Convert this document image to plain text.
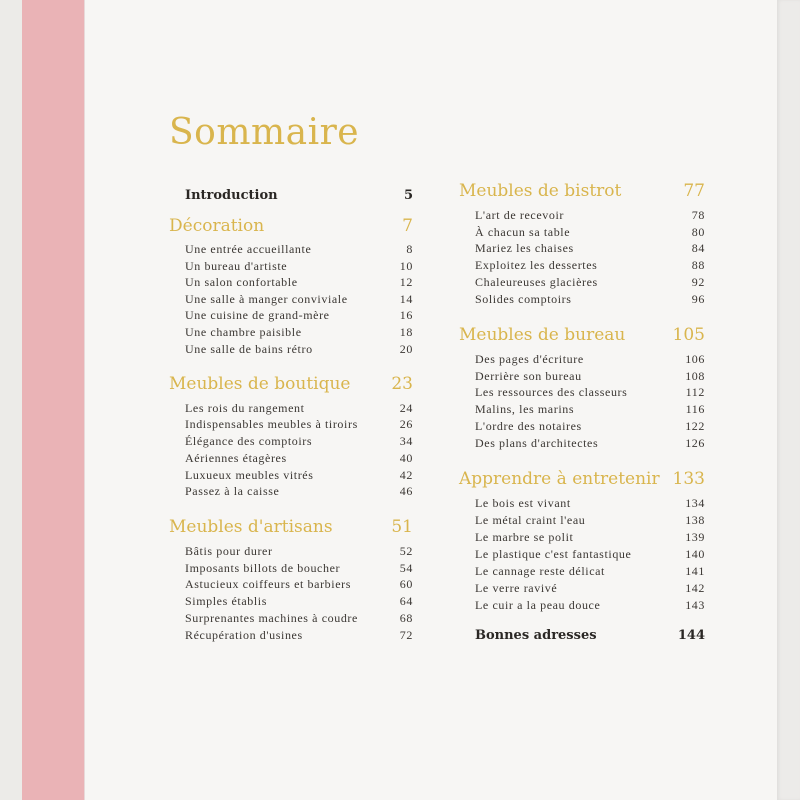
Sommaire
Introduction	5
Décoration	7
Une entrée accueillante	8
Un bureau d'artiste	10
Un salon confortable	12
Une salle à manger conviviale	14
Une cuisine de grand-mère	16
Une chambre paisible	18
Une salle de bains rétro	20
Meubles de boutique 23
Les rois du rangement	24
Indispensables meubles à tiroirs	26
Élégance des comptoirs	34
Aériennes étagères	40
Luxueux meubles vitrés	42
Passez à la caisse	46
Meubles d'artisans	51
Bâtis pour durer	52
Imposants billots de boucher	54
Astucieux coiffeurs et barbiers	60
Simples établis	64
Surprenantes machines à coudre	68
Récupération d'usines	72
Meubles de bistrot	77
L'art de recevoir	78
À chacun sa table	80
Mariez les chaises	84
Exploitez les dessertes	88
Chaleureuses glacières	92
Solides comptoirs	96
Meubles de bureau	105
Des pages d'écriture	106
Derrière son bureau	108
Les ressources des classeurs	112
Malins, les marins	116
L'ordre des notaires	122
Des plans d'architectes	126
Apprendre à entretenir 133
Le bois est vivant	134
Le métal craint l'eau	138
Le marbre se polit	139
Le plastique c'est fantastique	140
Le cannage reste délicat	141
Le verre ravivé	142
Le cuir a la peau douce	143
Bonnes adresses	144
